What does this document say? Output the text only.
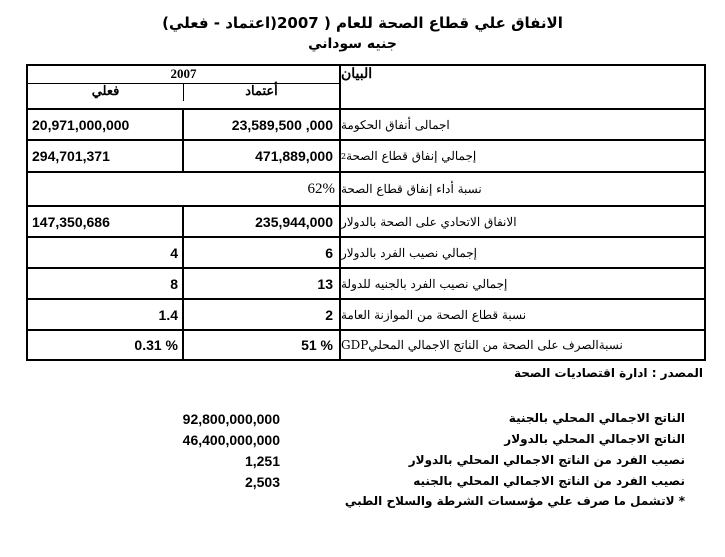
الانفاق علي قطاع الصحة للعام ( 2007(اعتماد - فعلي)
جنيه سوداني
2007
فعلي	أعتماد
البيان
20,971,000,000	23,589,500 ,000 اجمالى أنفاق الحكومة
294,701,371	471,889,000	إجمالي إنفاق قطاع الصحة
2
62% نسبة أداء إنفاق قطاع الصحة
147,350,686	235,944,000 الانفاق الاتحادي على الصحة بالدولار
4	6 إجمالي نصيب الفرد بالدولار
8	13 إجمالي نصيب الفرد بالجنيه للدولة
1.4	2 نسبة قطاع الصحة من الموازنة العامة
0.31 %	51 % نسبةالصرف على الصحة من الناتج الاجمالي المحليGDP
المصدر : ادارة اقتصاديات الصحة
92,800,000,000	الناتج الاجمالي المحلي بالجنية
46,400,000,000	الناتج الاجمالي المحلي بالدولار
1,251	نصيب الفرد من الناتج الاجمالي المحلي بالدولار
2,503	نصيب الفرد من الناتج الاجمالي المحلي بالجنيه
* لاتشمل ما صرف علي مؤسسات الشرطة والسلاح الطبي
